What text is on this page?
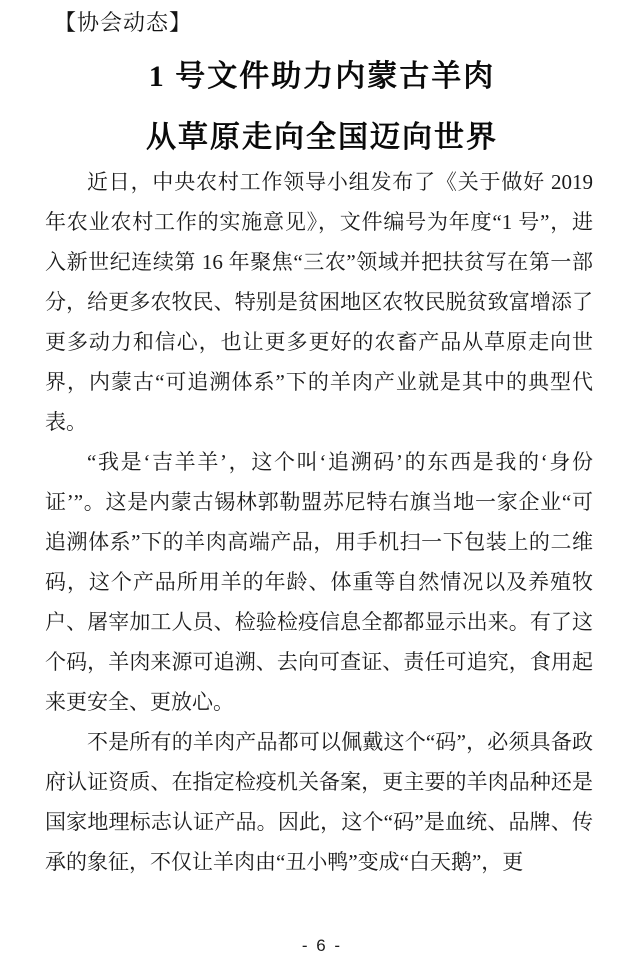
【协会动态】
1 号文件助力内蒙古羊肉
从草原走向全国迈向世界

近日，中央农村工作领导小组发布了《关于做好 2019 年农业农村工作的实施意见》，文件编号为年度“1 号”，进入新世纪连续第 16 年聚焦“三农”领域并把扶贫写在第一部分，给更多农牧民、特别是贫困地区农牧民脱贫致富增添了更多动力和信心，也让更多更好的农畜产品从草原走向世界，内蒙古“可追溯体系”下的羊肉产业就是其中的典型代表。

“我是‘吉羊羊’，这个叫‘追溯码’的东西是我的‘身份证’”。这是内蒙古锡林郭勒盟苏尼特右旗当地一家企业“可追溯体系”下的羊肉高端产品，用手机扫一下包装上的二维码，这个产品所用羊的年龄、体重等自然情况以及养殖牧户、屠宰加工人员、检验检疫信息全都都显示出来。有了这个码，羊肉来源可追溯、去向可查证、责任可追究，食用起来更安全、更放心。

不是所有的羊肉产品都可以佩戴这个“码”，必须具备政府认证资质、在指定检疫机关备案，更主要的羊肉品种还是国家地理标志认证产品。因此，这个“码”是血统、品牌、传承的象征，不仅让羊肉由“丑小鸭”变成“白天鹅”，更

- 6 -
